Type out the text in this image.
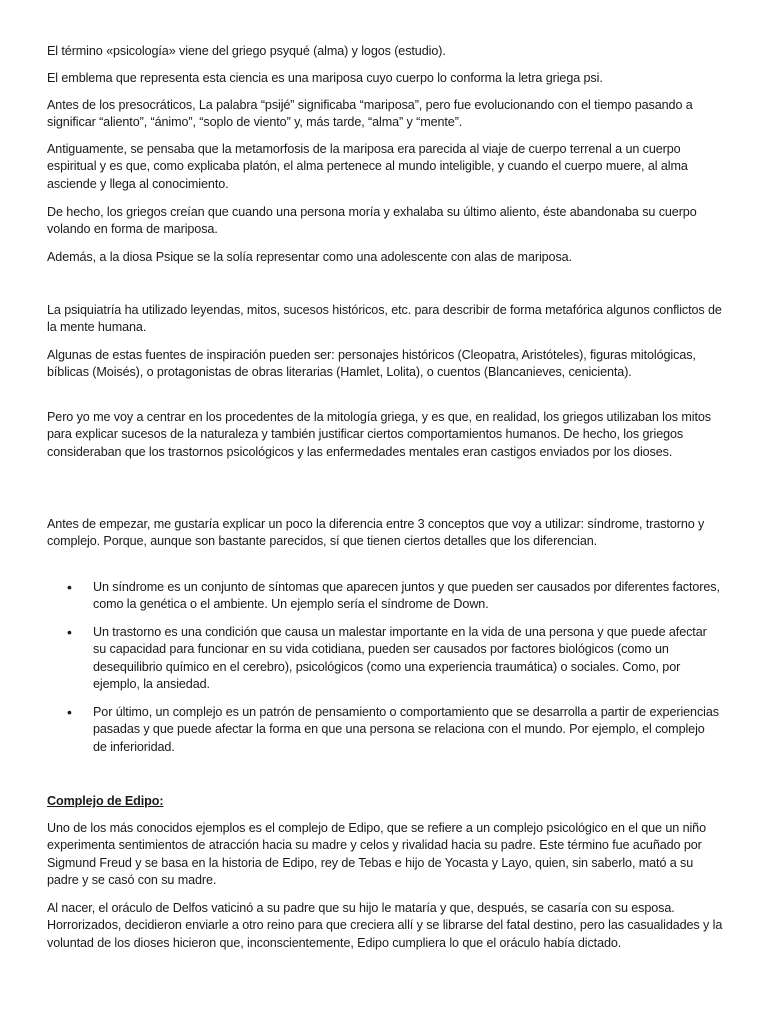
El término «psicología» viene del griego psyqué (alma) y logos (estudio).

El emblema que representa esta ciencia es una mariposa cuyo cuerpo lo conforma la letra griega psi.

Antes de los presocráticos, La palabra “psijé” significaba “mariposa”, pero fue evolucionando con el tiempo pasando a significar “aliento”, “ánimo”, “soplo de viento” y, más tarde, “alma” y “mente”.

Antiguamente, se pensaba que la metamorfosis de la mariposa era parecida al viaje de cuerpo terrenal a un cuerpo espiritual y es que, como explicaba platón, el alma pertenece al mundo inteligible, y cuando el cuerpo muere, al alma asciende y llega al conocimiento.

De hecho, los griegos creían que cuando una persona moría y exhalaba su último aliento, éste abandonaba su cuerpo volando en forma de mariposa.

Además, a la diosa Psique se la solía representar como una adolescente con alas de mariposa.

La psiquiatría ha utilizado leyendas, mitos, sucesos históricos, etc. para describir de forma metafórica algunos conflictos de la mente humana.

Algunas de estas fuentes de inspiración pueden ser: personajes históricos (Cleopatra, Aristóteles), figuras mitológicas, bíblicas (Moisés), o protagonistas de obras literarias (Hamlet, Lolita), o cuentos (Blancanieves, cenicienta).

Pero yo me voy a centrar en los procedentes de la mitología griega, y es que, en realidad, los griegos utilizaban los mitos para explicar sucesos de la naturaleza y también justificar ciertos comportamientos humanos. De hecho, los griegos consideraban que los trastornos psicológicos y las enfermedades mentales eran castigos enviados por los dioses.

Antes de empezar, me gustaría explicar un poco la diferencia entre 3 conceptos que voy a utilizar: síndrome, trastorno y complejo. Porque, aunque son bastante parecidos, sí que tienen ciertos detalles que los diferencian.

• Un síndrome es un conjunto de síntomas que aparecen juntos y que pueden ser causados por diferentes factores, como la genética o el ambiente. Un ejemplo sería el síndrome de Down.

• Un trastorno es una condición que causa un malestar importante en la vida de una persona y que puede afectar su capacidad para funcionar en su vida cotidiana, pueden ser causados por factores biológicos (como un desequilibrio químico en el cerebro), psicológicos (como una experiencia traumática) o sociales. Como, por ejemplo, la ansiedad.

• Por último, un complejo es un patrón de pensamiento o comportamiento que se desarrolla a partir de experiencias pasadas y que puede afectar la forma en que una persona se relaciona con el mundo. Por ejemplo, el complejo de inferioridad.

Complejo de Edipo:

Uno de los más conocidos ejemplos es el complejo de Edipo, que se refiere a un complejo psicológico en el que un niño experimenta sentimientos de atracción hacia su madre y celos y rivalidad hacia su padre. Este término fue acuñado por Sigmund Freud y se basa en la historia de Edipo, rey de Tebas e hijo de Yocasta y Layo, quien, sin saberlo, mató a su padre y se casó con su madre.

Al nacer, el oráculo de Delfos vaticinó a su padre que su hijo le mataría y que, después, se casaría con su esposa. Horrorizados, decidieron enviarle a otro reino para que creciera allí y se librarse del fatal destino, pero las casualidades y la voluntad de los dioses hicieron que, inconscientemente, Edipo cumpliera lo que el oráculo había dictado.
